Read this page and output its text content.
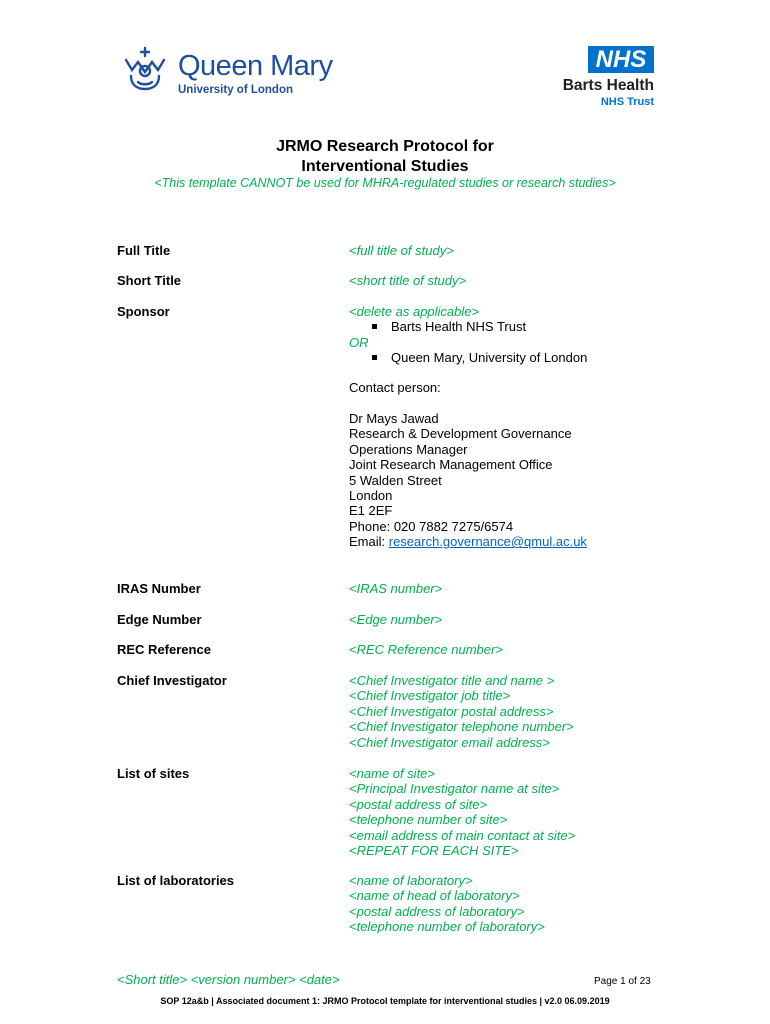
Queen Mary
University of London
NHS
Barts Health
NHS Trust
JRMO Research Protocol for
Interventional Studies
<This template CANNOT be used for MHRA-regulated studies or research studies>
Full Title	<full title of study>
Short Title	<short title of study>
Sponsor	<delete as applicable>
Barts Health NHS Trust
OR
Queen Mary, University of London
Contact person:
Dr Mays Jawad
Research & Development Governance
Operations Manager
Joint Research Management Office
5 Walden Street
London
E1 2EF
Phone: 020 7882 7275/6574
Email: research.governance@qmul.ac.uk
IRAS Number	<IRAS number>
Edge Number	<Edge number>
REC Reference	<REC Reference number>
Chief Investigator	<Chief Investigator title and name >
<Chief Investigator job title>
<Chief Investigator postal address>
<Chief Investigator telephone number>
<Chief Investigator email address>
List of sites	<name of site>
<Principal Investigator name at site>
<postal address of site>
<telephone number of site>
<email address of main contact at site>
<REPEAT FOR EACH SITE>
List of laboratories	<name of laboratory>
<name of head of laboratory>
<postal address of laboratory>
<telephone number of laboratory>
<Short title> <version number> <date>	Page 1 of 23
SOP 12a&b | Associated document 1: JRMO Protocol template for interventional studies | v2.0 06.09.2019
